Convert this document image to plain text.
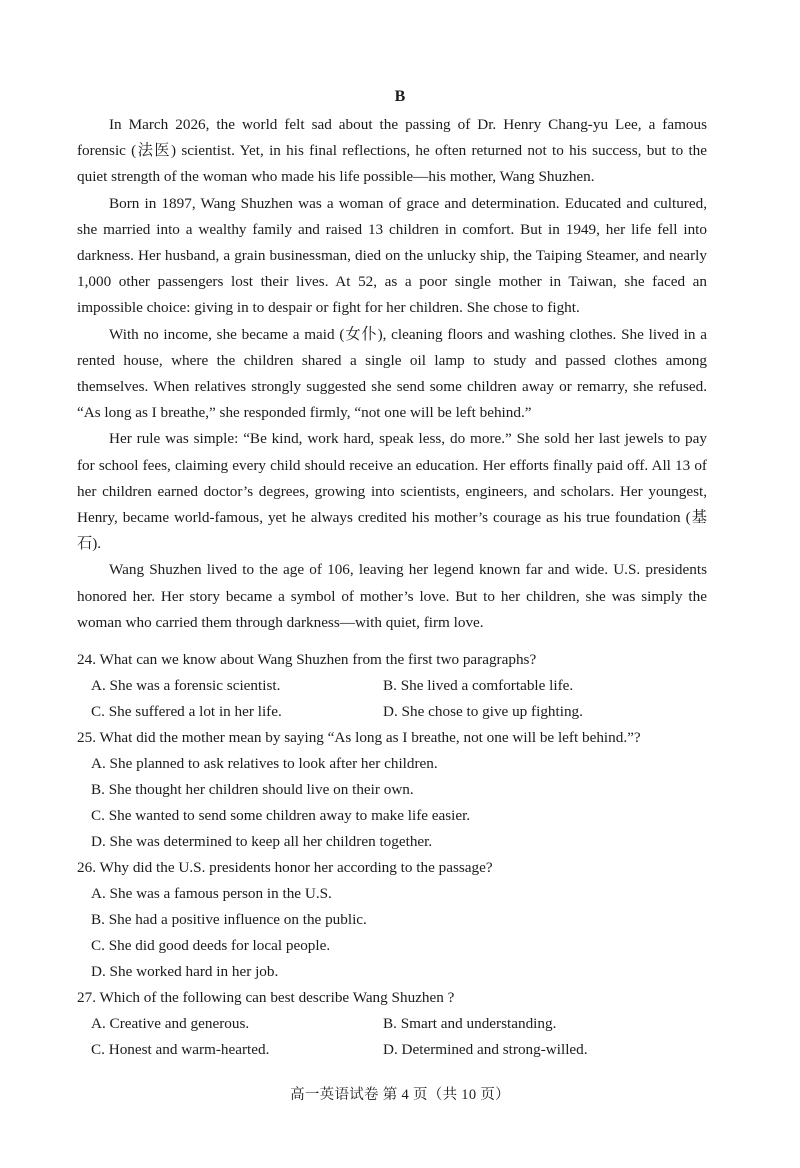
B

In March 2026, the world felt sad about the passing of Dr. Henry Chang-yu Lee, a famous forensic (法医) scientist. Yet, in his final reflections, he often returned not to his success, but to the quiet strength of the woman who made his life possible—his mother, Wang Shuzhen.

Born in 1897, Wang Shuzhen was a woman of grace and determination. Educated and cultured, she married into a wealthy family and raised 13 children in comfort. But in 1949, her life fell into darkness. Her husband, a grain businessman, died on the unlucky ship, the Taiping Steamer, and nearly 1,000 other passengers lost their lives. At 52, as a poor single mother in Taiwan, she faced an impossible choice: giving in to despair or fight for her children. She chose to fight.

With no income, she became a maid (女仆), cleaning floors and washing clothes. She lived in a rented house, where the children shared a single oil lamp to study and passed clothes among themselves. When relatives strongly suggested she send some children away or remarry, she refused. “As long as I breathe,” she responded firmly, “not one will be left behind.”

Her rule was simple: “Be kind, work hard, speak less, do more.” She sold her last jewels to pay for school fees, claiming every child should receive an education. Her efforts finally paid off. All 13 of her children earned doctor’s degrees, growing into scientists, engineers, and scholars. Her youngest, Henry, became world-famous, yet he always credited his mother’s courage as his true foundation (基石).

Wang Shuzhen lived to the age of 106, leaving her legend known far and wide. U.S. presidents honored her. Her story became a symbol of mother’s love. But to her children, she was simply the woman who carried them through darkness—with quiet, firm love.

24. What can we know about Wang Shuzhen from the first two paragraphs?

A. She was a forensic scientist.	B. She lived a comfortable life.
C. She suffered a lot in her life.	D. She chose to give up fighting.

25. What did the mother mean by saying “As long as I breathe, not one will be left behind.”?

A. She planned to ask relatives to look after her children.

B. She thought her children should live on their own.

C. She wanted to send some children away to make life easier.

D. She was determined to keep all her children together.

26. Why did the U.S. presidents honor her according to the passage?

A. She was a famous person in the U.S.

B. She had a positive influence on the public.

C. She did good deeds for local people.

D. She worked hard in her job.

27. Which of the following can best describe Wang Shuzhen ?

A. Creative and generous.	B. Smart and understanding.
C. Honest and warm-hearted.	D. Determined and strong-willed.
高一英语试卷 第 4 页（共 10 页）
